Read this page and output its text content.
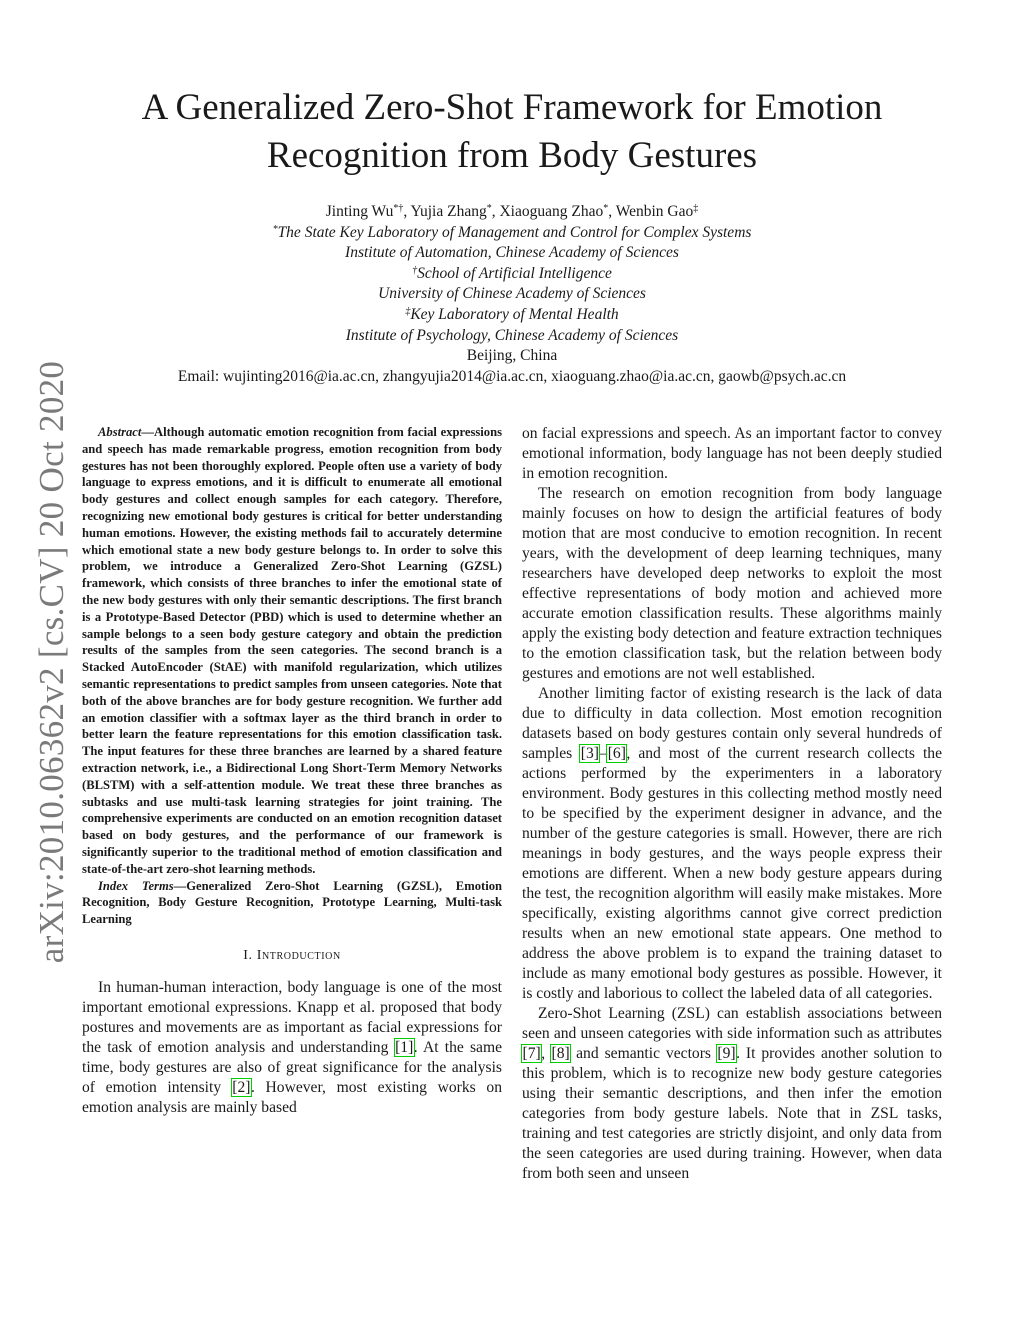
arXiv:2010.06362v2 [cs.CV] 20 Oct 2020
A Generalized Zero-Shot Framework for Emotion
Recognition from Body Gestures
Jinting Wu*†, Yujia Zhang*, Xiaoguang Zhao*, Wenbin Gao‡
*The State Key Laboratory of Management and Control for Complex Systems
Institute of Automation, Chinese Academy of Sciences
†School of Artificial Intelligence
University of Chinese Academy of Sciences
‡Key Laboratory of Mental Health
Institute of Psychology, Chinese Academy of Sciences
Beijing, China
Email: wujinting2016@ia.ac.cn, zhangyujia2014@ia.ac.cn, xiaoguang.zhao@ia.ac.cn, gaowb@psych.ac.cn

Abstract—Although automatic emotion recognition from facial expressions and speech has made remarkable progress, emotion recognition from body gestures has not been thoroughly explored. People often use a variety of body language to express emotions, and it is difficult to enumerate all emotional body gestures and collect enough samples for each category. Therefore, recognizing new emotional body gestures is critical for better understanding human emotions. However, the existing methods fail to accurately determine which emotional state a new body gesture belongs to. In order to solve this problem, we introduce a Generalized Zero-Shot Learning (GZSL) framework, which consists of three branches to infer the emotional state of the new body gestures with only their semantic descriptions. The first branch is a Prototype-Based Detector (PBD) which is used to determine whether an sample belongs to a seen body gesture category and obtain the prediction results of the samples from the seen categories. The second branch is a Stacked AutoEncoder (StAE) with manifold regularization, which utilizes semantic representations to predict samples from unseen categories. Note that both of the above branches are for body gesture recognition. We further add an emotion classifier with a softmax layer as the third branch in order to better learn the feature representations for this emotion classification task. The input features for these three branches are learned by a shared feature extraction network, i.e., a Bidirectional Long Short-Term Memory Networks (BLSTM) with a self-attention module. We treat these three branches as subtasks and use multi-task learning strategies for joint training. The comprehensive experiments are conducted on an emotion recognition dataset based on body gestures, and the performance of our framework is significantly superior to the traditional method of emotion classification and state-of-the-art zero-shot learning methods.

Index Terms—Generalized Zero-Shot Learning (GZSL), Emotion Recognition, Body Gesture Recognition, Prototype Learning, Multi-task Learning

I. Introduction

In human-human interaction, body language is one of the most important emotional expressions. Knapp et al. proposed that body postures and movements are as important as facial expressions for the task of emotion analysis and understanding [1]. At the same time, body gestures are also of great significance for the analysis of emotion intensity [2]. However, most existing works on emotion analysis are mainly based

on facial expressions and speech. As an important factor to convey emotional information, body language has not been deeply studied in emotion recognition.

The research on emotion recognition from body language mainly focuses on how to design the artificial features of body motion that are most conducive to emotion recognition. In recent years, with the development of deep learning techniques, many researchers have developed deep networks to exploit the most effective representations of body motion and achieved more accurate emotion classification results. These algorithms mainly apply the existing body detection and feature extraction techniques to the emotion classification task, but the relation between body gestures and emotions are not well established.

Another limiting factor of existing research is the lack of data due to difficulty in data collection. Most emotion recognition datasets based on body gestures contain only several hundreds of samples [3]–[6], and most of the current research collects the actions performed by the experimenters in a laboratory environment. Body gestures in this collecting method mostly need to be specified by the experiment designer in advance, and the number of the gesture categories is small. However, there are rich meanings in body gestures, and the ways people express their emotions are different. When a new body gesture appears during the test, the recognition algorithm will easily make mistakes. More specifically, existing algorithms cannot give correct prediction results when an new emotional state appears. One method to address the above problem is to expand the training dataset to include as many emotional body gestures as possible. However, it is costly and laborious to collect the labeled data of all categories.

Zero-Shot Learning (ZSL) can establish associations between seen and unseen categories with side information such as attributes [7], [8] and semantic vectors [9]. It provides another solution to this problem, which is to recognize new body gesture categories using their semantic descriptions, and then infer the emotion categories from body gesture labels. Note that in ZSL tasks, training and test categories are strictly disjoint, and only data from the seen categories are used during training. However, when data from both seen and unseen
